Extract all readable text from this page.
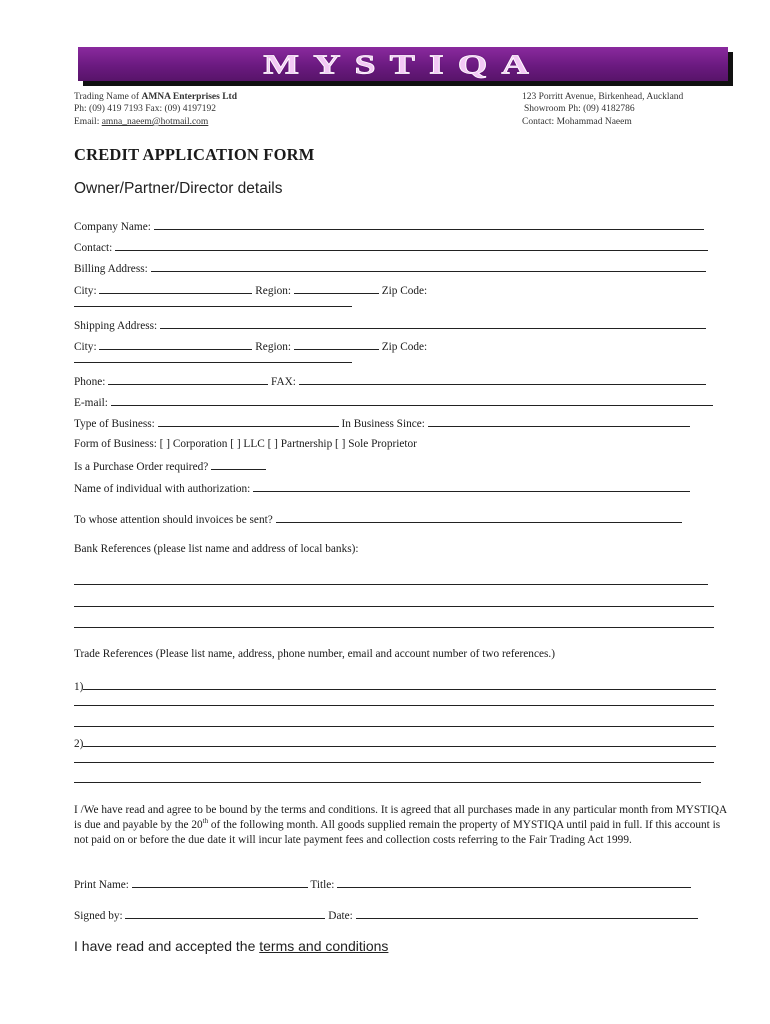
MYSTIQA
Trading Name of AMNA Enterprises Ltd
Ph: (09) 419 7193 Fax: (09) 4197192
Email: amna_naeem@hotmail.com
123 Porritt Avenue, Birkenhead, Auckland
Showroom Ph: (09) 4182786
Contact: Mohammad Naeem
CREDIT APPLICATION FORM
Owner/Partner/Director details
Company Name:
Contact:
Billing Address:
City:	Region:	Zip Code:
Shipping Address:
City:	Region:	Zip Code:
Phone:	FAX:
E-mail:
Type of Business:	In Business Since:
Form of Business: [ ] Corporation [ ] LLC [ ] Partnership [ ] Sole Proprietor
Is a Purchase Order required?
Name of individual with authorization:
To whose attention should invoices be sent?
Bank References (please list name and address of local banks):
Trade References (Please list name, address, phone number, email and account number of two references.)
1)
2)
I /We have read and agree to be bound by the terms and conditions. It is agreed that all purchases made in any particular month from MYSTIQA is due and payable by the 20th of the following month. All goods supplied remain the property of MYSTIQA until paid in full. If this account is not paid on or before the due date it will incur late payment fees and collection costs referring to the Fair Trading Act 1999.
Print Name:	Title:
Signed by:	Date:
I have read and accepted the terms and conditions
